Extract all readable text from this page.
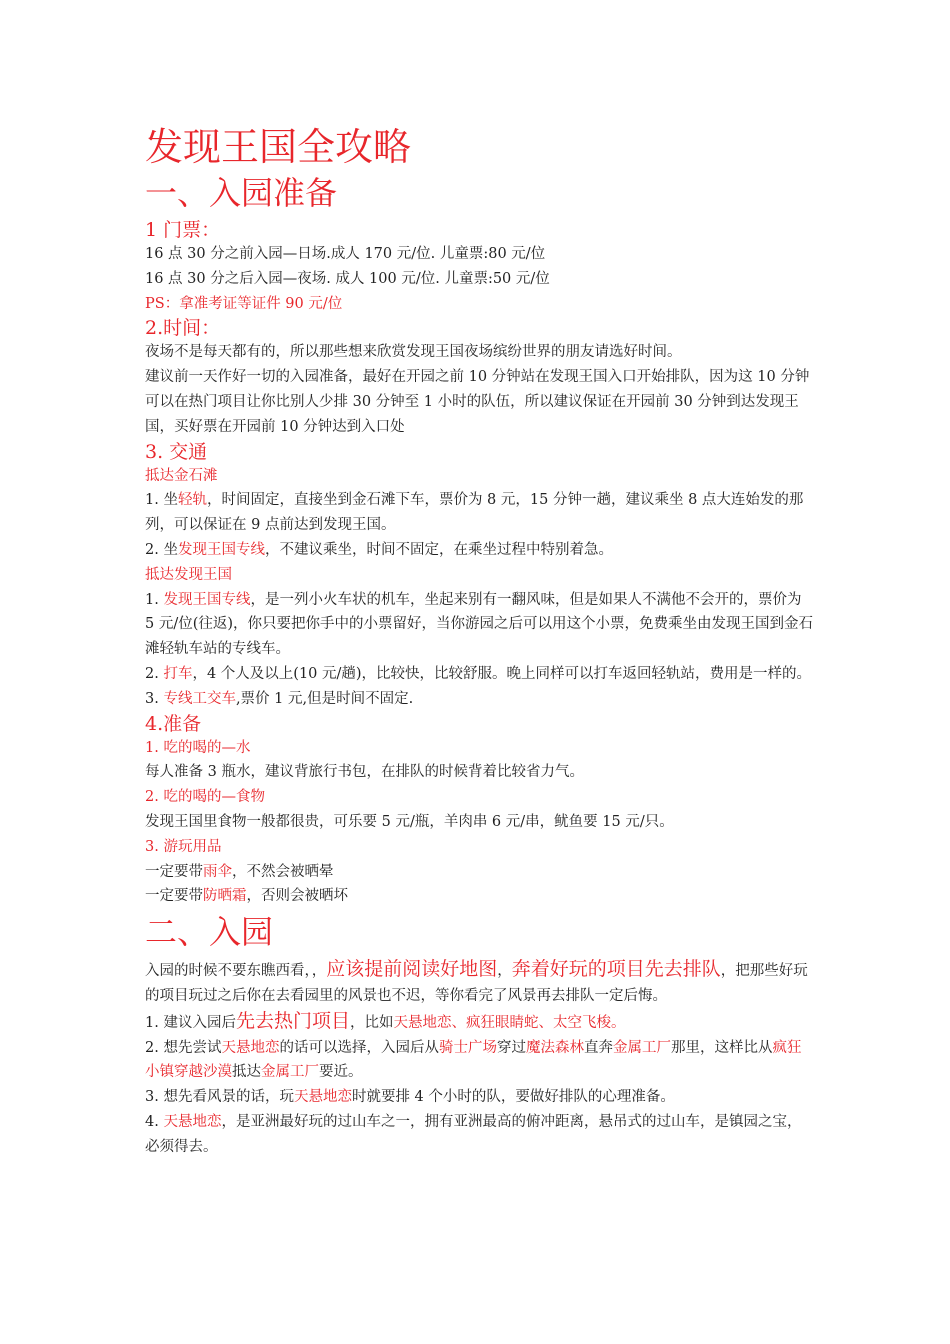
发现王国全攻略
一、入园准备
1 门票：

16 点 30 分之前入园—日场.成人 170 元/位. 儿童票:80 元/位

16 点 30 分之后入园—夜场. 成人 100 元/位. 儿童票:50 元/位

PS：拿准考证等证件 90 元/位

2.时间：

夜场不是每天都有的，所以那些想来欣赏发现王国夜场缤纷世界的朋友请选好时间。

建议前一天作好一切的入园准备，最好在开园之前 10 分钟站在发现王国入口开始排队，因为这 10 分钟可以在热门项目让你比别人少排 30 分钟至 1 小时的队伍，所以建议保证在开园前 30 分钟到达发现王国，买好票在开园前 10 分钟达到入口处

3. 交通

抵达金石滩

1. 坐轻轨，时间固定，直接坐到金石滩下车，票价为 8 元，15 分钟一趟，建议乘坐 8 点大连始发的那列，可以保证在 9 点前达到发现王国。

2. 坐发现王国专线，不建议乘坐，时间不固定，在乘坐过程中特别着急。

抵达发现王国

1. 发现王国专线，是一列小火车状的机车，坐起来别有一翻风味，但是如果人不满他不会开的，票价为 5 元/位(往返)，你只要把你手中的小票留好，当你游园之后可以用这个小票，免费乘坐由发现王国到金石滩轻轨车站的专线车。

2. 打车，4 个人及以上(10 元/趟)，比较快，比较舒服。晚上同样可以打车返回轻轨站，费用是一样的。

3. 专线工交车,票价 1 元,但是时间不固定.

4.准备

1. 吃的喝的—水

每人准备 3 瓶水，建议背旅行书包，在排队的时候背着比较省力气。

2. 吃的喝的—食物

发现王国里食物一般都很贵，可乐要 5 元/瓶，羊肉串 6 元/串，鱿鱼要 15 元/只。

3. 游玩用品

一定要带雨伞，不然会被晒晕

一定要带防晒霜，否则会被晒坏

二、入园

入园的时候不要东瞧西看，，应该提前阅读好地图，奔着好玩的项目先去排队，把那些好玩的项目玩过之后你在去看园里的风景也不迟，等你看完了风景再去排队一定后悔。

1. 建议入园后先去热门项目，比如天悬地恋、疯狂眼睛蛇、太空飞梭。

2. 想先尝试天悬地恋的话可以选择，入园后从骑士广场穿过魔法森林直奔金属工厂那里，这样比从疯狂小镇穿越沙漠抵达金属工厂要近。

3. 想先看风景的话，玩天悬地恋时就要排 4 个小时的队，要做好排队的心理准备。

4. 天悬地恋，是亚洲最好玩的过山车之一，拥有亚洲最高的俯冲距离，悬吊式的过山车，是镇园之宝，必须得去。
